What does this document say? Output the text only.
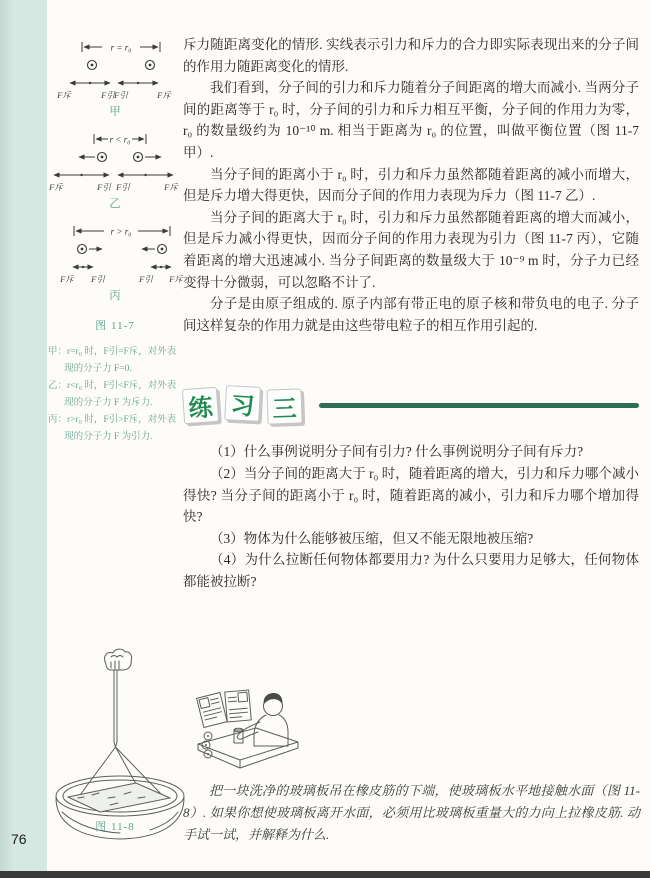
76
r = r₀
F斥	F引 F引	F斥
甲
r < r₀
F斥	F引 F引	F斥
乙
r > r₀
F斥 F引	F引 F斥
丙
图 11-7

甲：r=r₀ 时，F引=F斥，对外表现的分子力 F=0.

乙：r<r₀ 时，F引<F斥，对外表现的分子力 F 为斥力.

丙：r>r₀ 时，F引>F斥，对外表现的分子力 F 为引力.

斥力随距离变化的情形. 实线表示引力和斥力的合力即实际表现出来的分子间的作用力随距离变化的情形.

我们看到，分子间的引力和斥力随着分子间距离的增大而减小. 当两分子间的距离等于 r₀ 时，分子间的引力和斥力相互平衡，分子间的作用力为零，r₀ 的数量级约为 10⁻¹⁰ m. 相当于距离为 r₀ 的位置，叫做平衡位置（图 11-7 甲）.

当分子间的距离小于 r₀ 时，引力和斥力虽然都随着距离的减小而增大，但是斥力增大得更快，因而分子间的作用力表现为斥力（图 11-7 乙）.

当分子间的距离大于 r₀ 时，引力和斥力虽然都随着距离的增大而减小，但是斥力减小得更快，因而分子间的作用力表现为引力（图 11-7 丙），它随着距离的增大迅速减小. 当分子间距离的数量级大于 10⁻⁹ m 时，分子力已经变得十分微弱，可以忽略不计了.

分子是由原子组成的. 原子内部有带正电的原子核和带负电的电子. 分子间这样复杂的作用力就是由这些带电粒子的相互作用引起的.

练 习 三

（1）什么事例说明分子间有引力? 什么事例说明分子间有斥力?

（2）当分子间的距离大于 r₀ 时，随着距离的增大，引力和斥力哪个减小得快? 当分子间的距离小于 r₀ 时，随着距离的减小，引力和斥力哪个增加得快?

（3）物体为什么能够被压缩，但又不能无限地被压缩?

（4）为什么拉断任何物体都要用力? 为什么只要用力足够大，任何物体都能被拉断?

图 11-8
把一块洗净的玻璃板吊在橡皮筋的下端，使玻璃板水平地接触水面（图 11-8）. 如果你想使玻璃板离开水面，必须用比玻璃板重量大的力向上拉橡皮筋. 动手试一试，并解释为什么.
